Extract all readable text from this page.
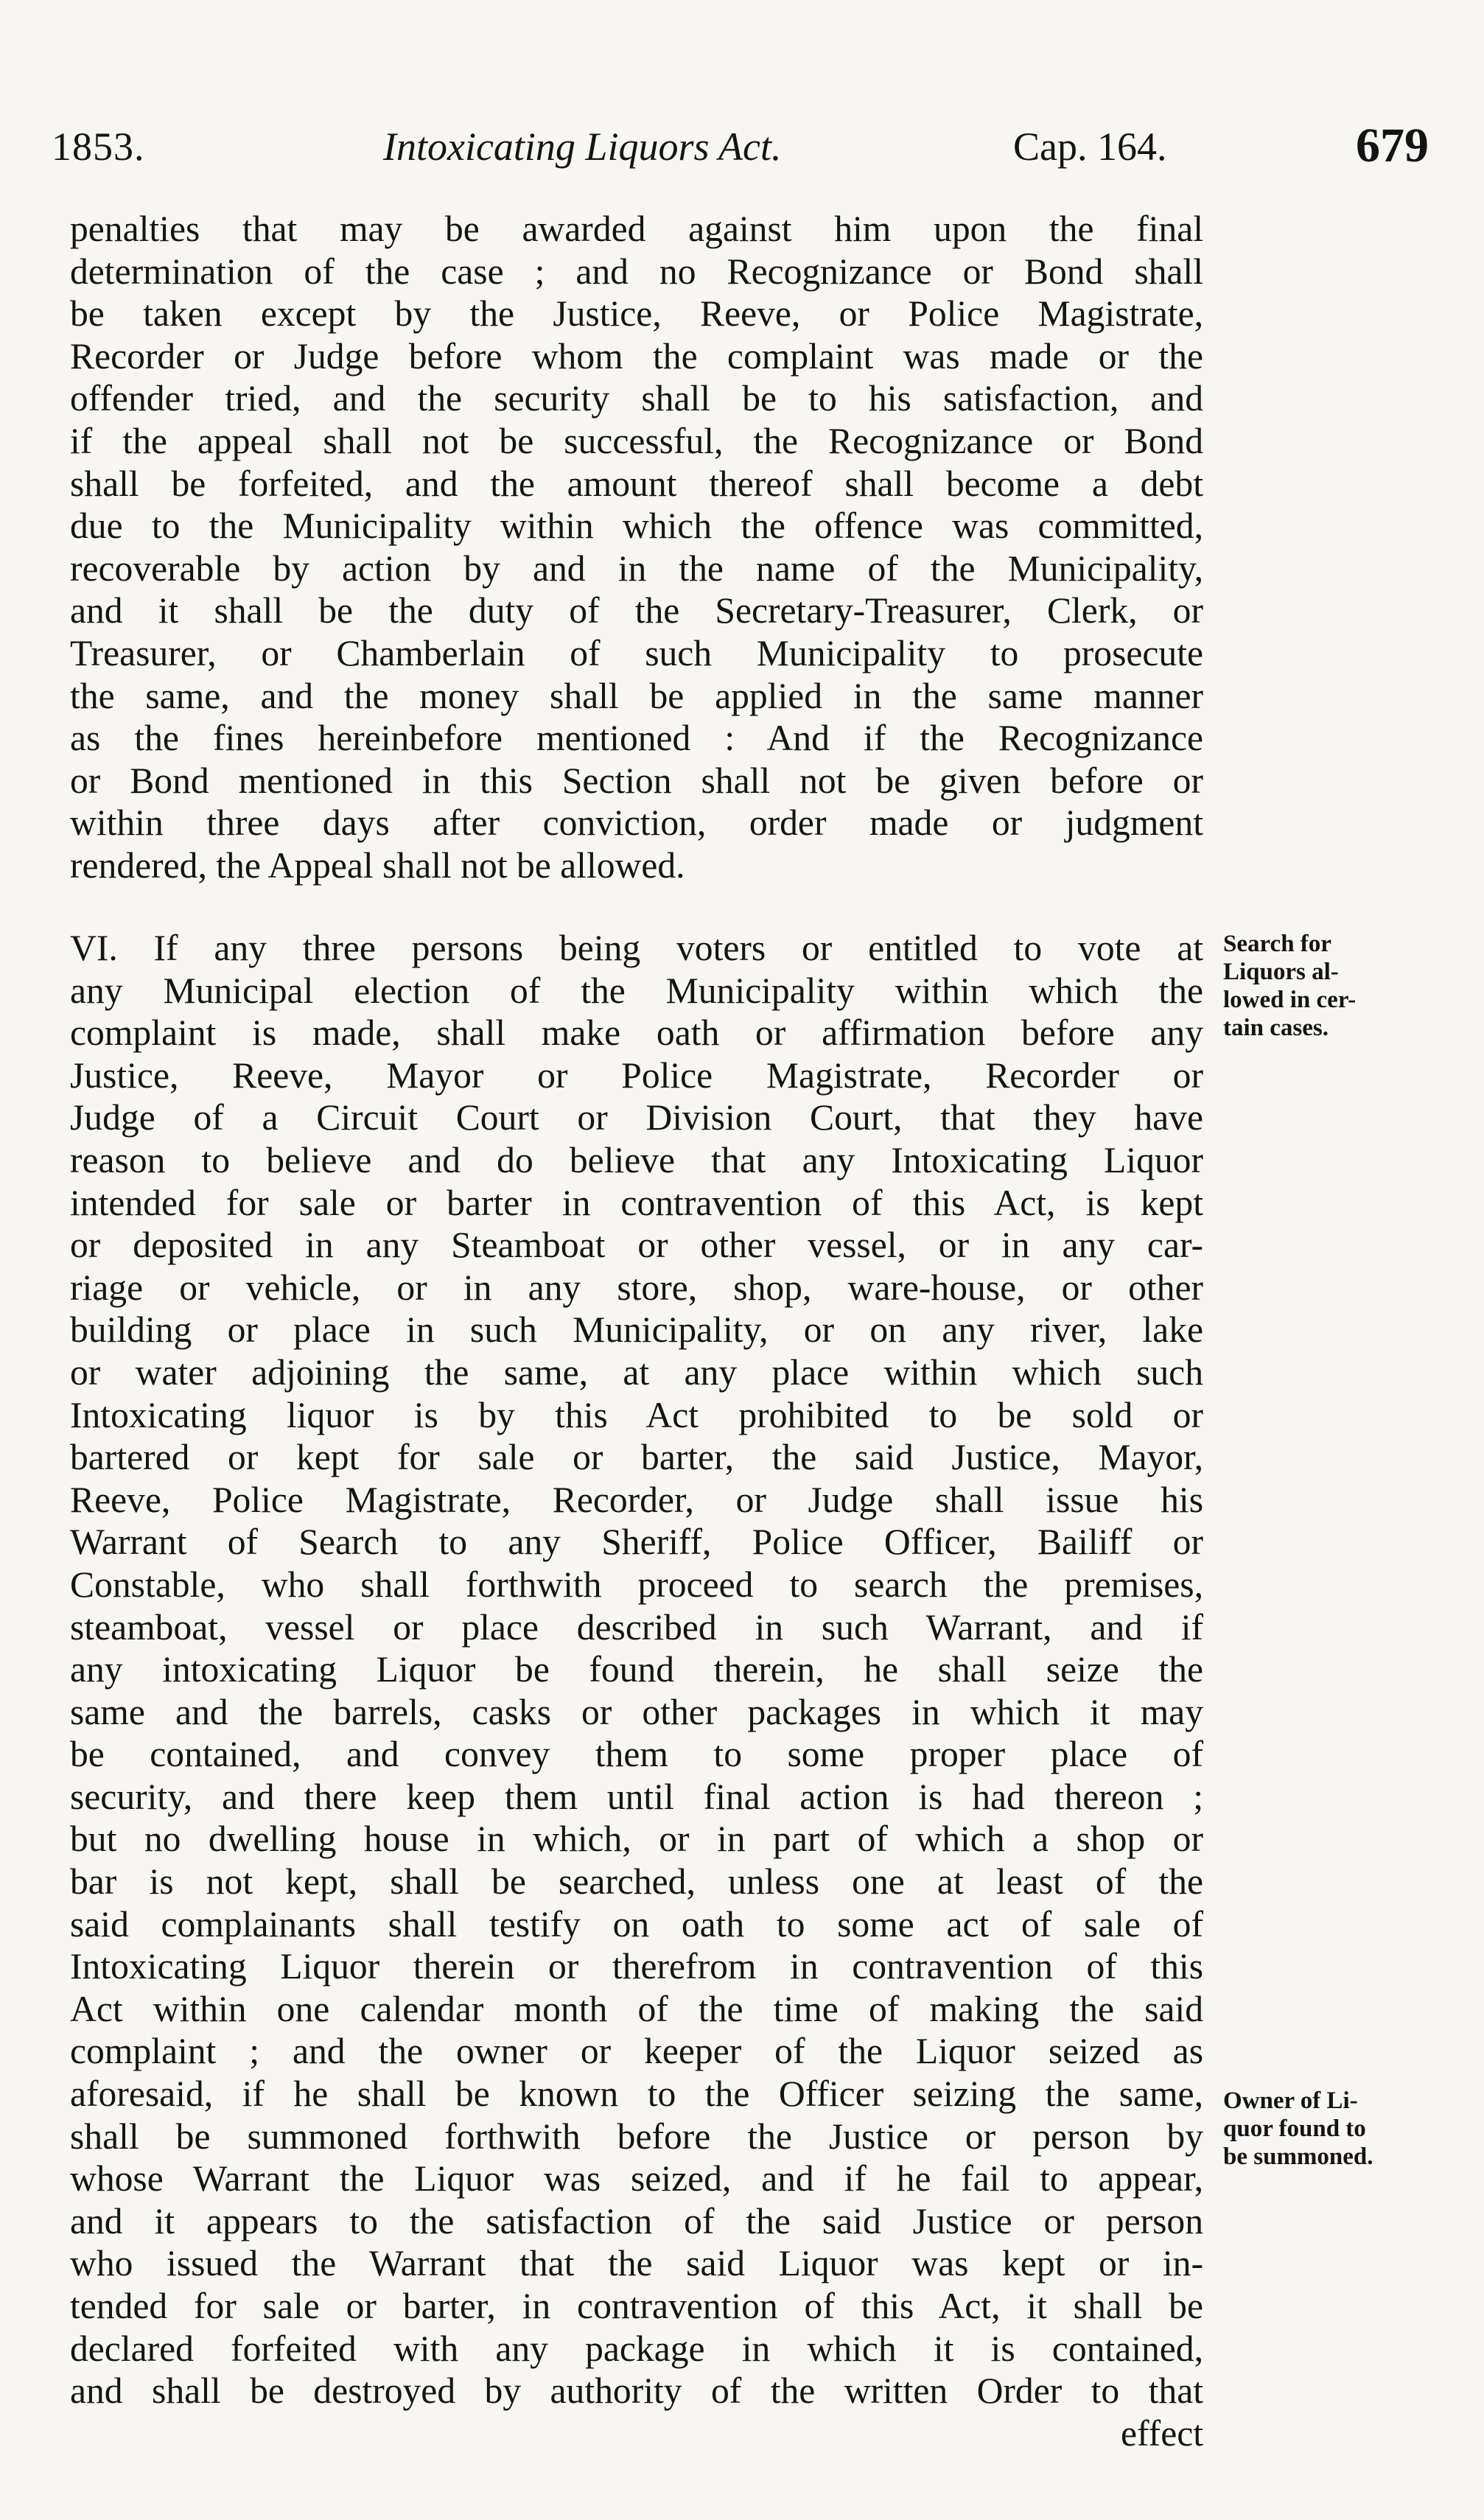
1853.	Intoxicating Liquors Act.	Cap. 164.	679
penalties that may be awarded against him upon the final
determination of the case ; and no Recognizance or Bond shall
be taken except by the Justice, Reeve, or Police Magistrate,
Recorder or Judge before whom the complaint was made or the
offender tried, and the security shall be to his satisfaction, and
if the appeal shall not be successful, the Recognizance or Bond
shall be forfeited, and the amount thereof shall become a debt
due to the Municipality within which the offence was committed,
recoverable by action by and in the name of the Municipality,
and it shall be the duty of the Secretary-Treasurer, Clerk, or
Treasurer, or Chamberlain of such Municipality to prosecute
the same, and the money shall be applied in the same manner
as the fines hereinbefore mentioned : And if the Recognizance
or Bond mentioned in this Section shall not be given before or
within three days after conviction, order made or judgment
rendered, the Appeal shall not be allowed.
VI. If any three persons being voters or entitled to vote at
any Municipal election of the Municipality within which the
complaint is made, shall make oath or affirmation before any
Justice, Reeve, Mayor or Police Magistrate, Recorder or
Judge of a Circuit Court or Division Court, that they have
reason to believe and do believe that any Intoxicating Liquor
intended for sale or barter in contravention of this Act, is kept
or deposited in any Steamboat or other vessel, or in any car-
riage or vehicle, or in any store, shop, ware-house, or other
building or place in such Municipality, or on any river, lake
or water adjoining the same, at any place within which such
Intoxicating liquor is by this Act prohibited to be sold or
bartered or kept for sale or barter, the said Justice, Mayor,
Reeve, Police Magistrate, Recorder, or Judge shall issue his
Warrant of Search to any Sheriff, Police Officer, Bailiff or
Constable, who shall forthwith proceed to search the premises,
steamboat, vessel or place described in such Warrant, and if
any intoxicating Liquor be found therein, he shall seize the
same and the barrels, casks or other packages in which it may
be contained, and convey them to some proper place of
security, and there keep them until final action is had thereon ;
but no dwelling house in which, or in part of which a shop or
bar is not kept, shall be searched, unless one at least of the
said complainants shall testify on oath to some act of sale of
Intoxicating Liquor therein or therefrom in contravention of this
Act within one calendar month of the time of making the said
complaint ; and the owner or keeper of the Liquor seized as
aforesaid, if he shall be known to the Officer seizing the same,
shall be summoned forthwith before the Justice or person by
whose Warrant the Liquor was seized, and if he fail to appear,
and it appears to the satisfaction of the said Justice or person
who issued the Warrant that the said Liquor was kept or in-
tended for sale or barter, in contravention of this Act, it shall be
declared forfeited with any package in which it is contained,
and shall be destroyed by authority of the written Order to that
effect
Search for
Liquors al-
lowed in cer-
tain cases.
Owner of Li-
quor found to
be summoned.
